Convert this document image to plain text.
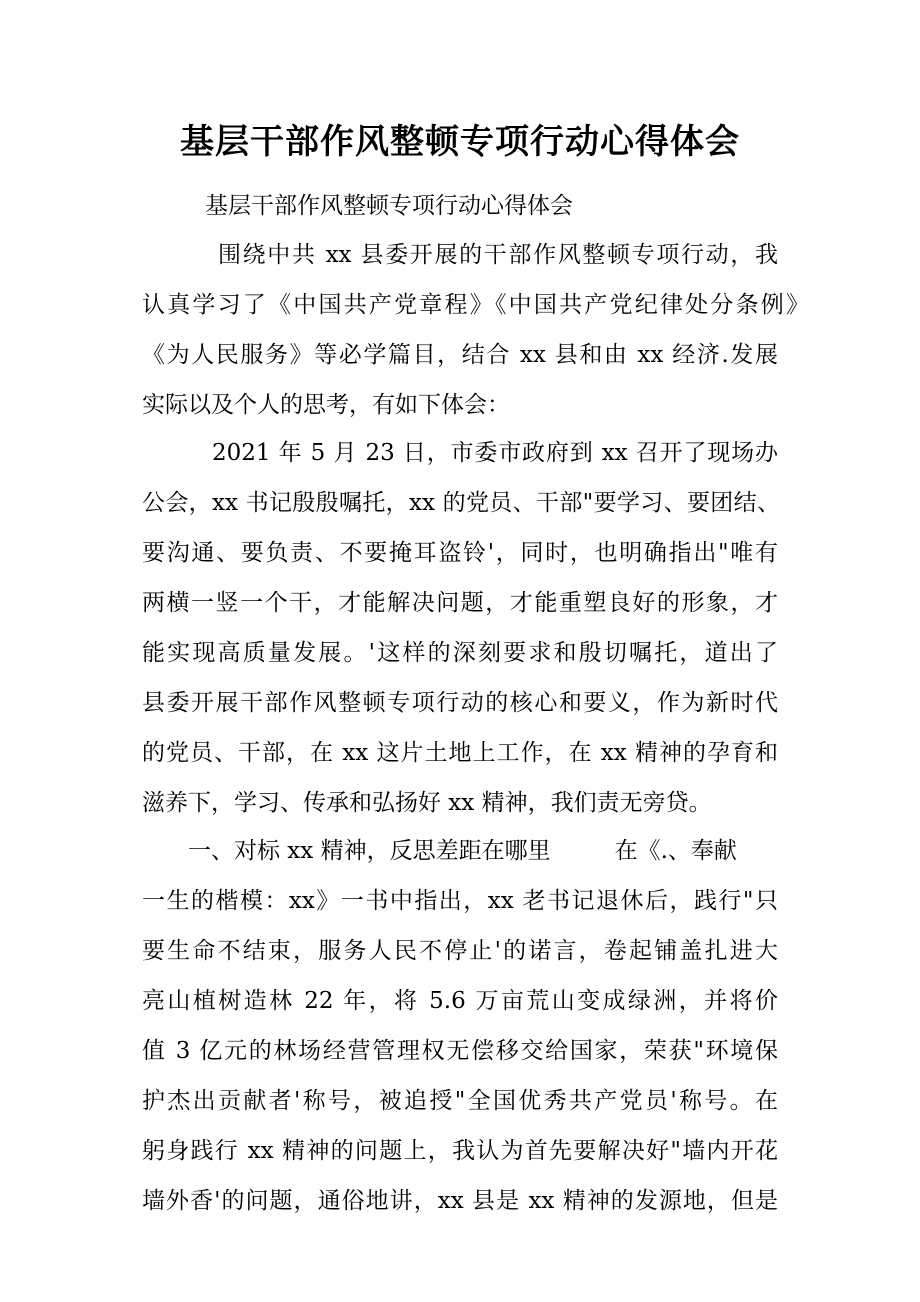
基层干部作风整顿专项行动心得体会

基层干部作风整顿专项行动心得体会

围绕中共 xx 县委开展的干部作风整顿专项行动，我

认真学习了《中国共产党章程》《中国共产党纪律处分条例》

《为人民服务》等必学篇目，结合 xx 县和由 xx 经济.发展

实际以及个人的思考，有如下体会：

2021 年 5 月 23 日，市委市政府到 xx 召开了现场办

公会，xx 书记殷殷嘱托，xx 的党员、干部"要学习、要团结、

要沟通、要负责、不要掩耳盗铃'，同时，也明确指出"唯有

两横一竖一个干，才能解决问题，才能重塑良好的形象，才

能实现高质量发展。'这样的深刻要求和殷切嘱托，道出了

县委开展干部作风整顿专项行动的核心和要义，作为新时代

的党员、干部，在 xx 这片土地上工作，在 xx 精神的孕育和

滋养下，学习、传承和弘扬好 xx 精神，我们责无旁贷。

一、对标 xx 精神，反思差距在哪里	在《.、奉献

一生的楷模：xx》一书中指出，xx 老书记退休后，践行"只

要生命不结束，服务人民不停止'的诺言，卷起铺盖扎进大

亮山植树造林 22 年，将 5.6 万亩荒山变成绿洲，并将价

值 3 亿元的林场经营管理权无偿移交给国家，荣获"环境保

护杰出贡献者'称号，被追授"全国优秀共产党员'称号。在

躬身践行 xx 精神的问题上，我认为首先要解决好"墙内开花

墙外香'的问题，通俗地讲，xx 县是 xx 精神的发源地，但是
